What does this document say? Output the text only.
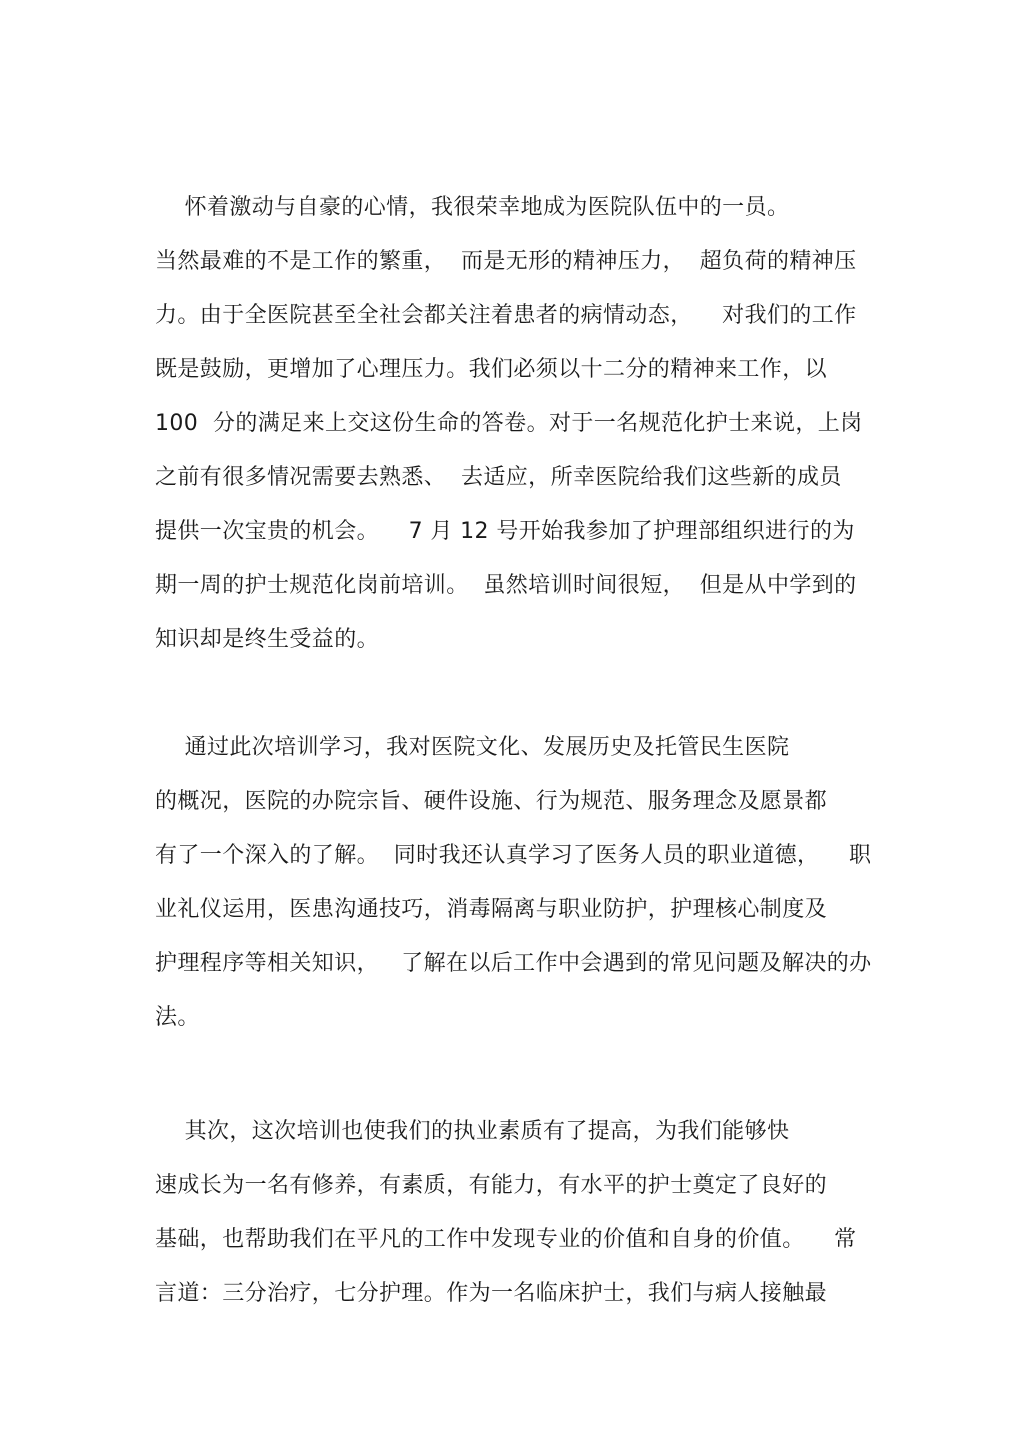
怀着激动与自豪的心情，我很荣幸地成为医院队伍中的一员。
当然最难的不是工作的繁重，  而是无形的精神压力，  超负荷的精神压
力。由于全医院甚至全社会都关注着患者的病情动态，    对我们的工作
既是鼓励，更增加了心理压力。我们必须以十二分的精神来工作，以
100  分的满足来上交这份生命的答卷。对于一名规范化护士来说，上岗
之前有很多情况需要去熟悉、  去适应，所幸医院给我们这些新的成员
提供一次宝贵的机会。    7 月 12 号开始我参加了护理部组织进行的为
期一周的护士规范化岗前培训。  虽然培训时间很短，  但是从中学到的
知识却是终生受益的。
通过此次培训学习，我对医院文化、发展历史及托管民生医院
的概况，医院的办院宗旨、硬件设施、行为规范、服务理念及愿景都
有了一个深入的了解。  同时我还认真学习了医务人员的职业道德，    职
业礼仪运用，医患沟通技巧，消毒隔离与职业防护，护理核心制度及
护理程序等相关知识，   了解在以后工作中会遇到的常见问题及解决的办
法。
其次，这次培训也使我们的执业素质有了提高，为我们能够快
速成长为一名有修养，有素质，有能力，有水平的护士奠定了良好的
基础，也帮助我们在平凡的工作中发现专业的价值和自身的价值。    常
言道：三分治疗，七分护理。作为一名临床护士，我们与病人接触最
